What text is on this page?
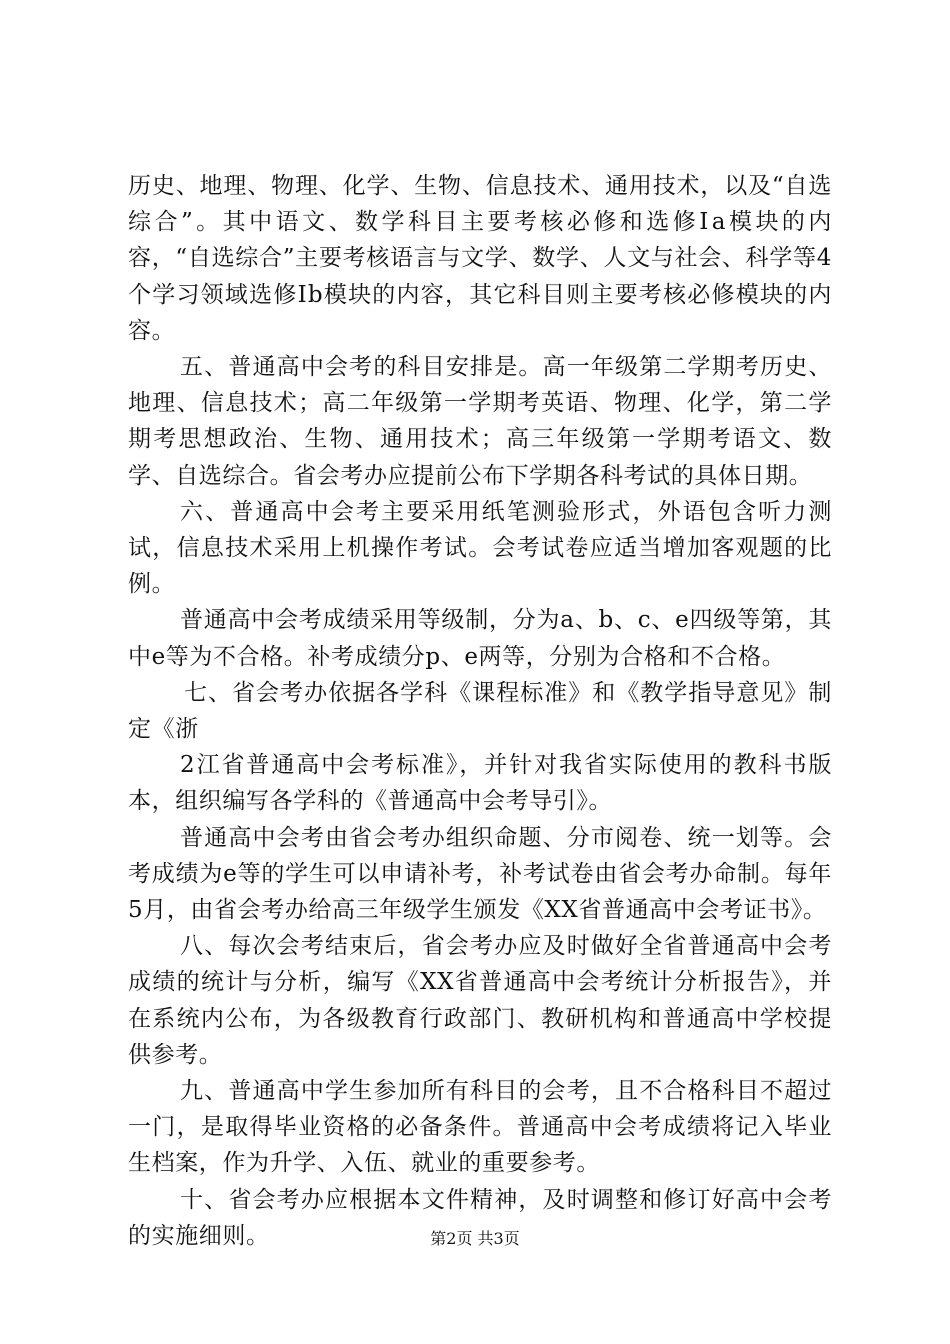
历史、地理、物理、化学、生物、信息技术、通用技术，以及“自选综合”。其中语文、数学科目主要考核必修和选修Ⅰa模块的内容，“自选综合”主要考核语言与文学、数学、人文与社会、科学等4个学习领域选修Ⅰb模块的内容，其它科目则主要考核必修模块的内容。

五、普通高中会考的科目安排是。高一年级第二学期考历史、地理、信息技术；高二年级第一学期考英语、物理、化学，第二学期考思想政治、生物、通用技术；高三年级第一学期考语文、数学、自选综合。省会考办应提前公布下学期各科考试的具体日期。

六、普通高中会考主要采用纸笔测验形式，外语包含听力测试，信息技术采用上机操作考试。会考试卷应适当增加客观题的比例。

普通高中会考成绩采用等级制，分为a、b、c、e四级等第，其中e等为不合格。补考成绩分p、e两等，分别为合格和不合格。

七、省会考办依据各学科《课程标准》和《教学指导意见》制定《浙

2江省普通高中会考标准》，并针对我省实际使用的教科书版本，组织编写各学科的《普通高中会考导引》。

普通高中会考由省会考办组织命题、分市阅卷、统一划等。会考成绩为e等的学生可以申请补考，补考试卷由省会考办命制。每年5月，由省会考办给高三年级学生颁发《XX省普通高中会考证书》。

八、每次会考结束后，省会考办应及时做好全省普通高中会考成绩的统计与分析，编写《XX省普通高中会考统计分析报告》，并在系统内公布，为各级教育行政部门、教研机构和普通高中学校提供参考。

九、普通高中学生参加所有科目的会考，且不合格科目不超过一门，是取得毕业资格的必备条件。普通高中会考成绩将记入毕业生档案，作为升学、入伍、就业的重要参考。

十、省会考办应根据本文件精神，及时调整和修订好高中会考的实施细则。	第2页 共3页
